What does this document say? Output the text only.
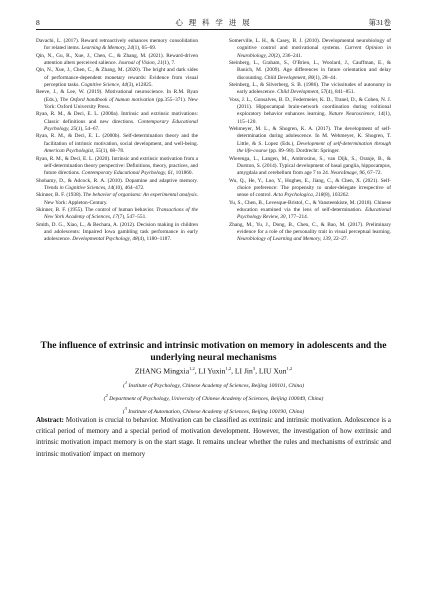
8	心 理 科 学 进 展	第31卷

Davachi, L. (2017). Reward retroactively enhances memory consolidation for related items. Learning & Memory, 24(1), 65–69.

Qin, N., Gu, R., Xue, J., Chen, C., & Zhang, M. (2021). Reward-driven attention alters perceived salience. Journal of Vision, 21(1), 7.

Qin, N., Xue, J., Chen, C., & Zhang, M. (2020). The bright and dark sides of performance-dependent monetary rewards: Evidence from visual perception tasks. Cognitive Science, 44(3), e12825.

Reeve, J., & Lee, W. (2019). Motivational neuroscience. In R.M. Ryan (Eds.), The Oxford handbook of human motivation (pp.355–371). New York: Oxford University Press.

Ryan, R. M., & Deci, E. L. (2000a). Intrinsic and extrinsic motivations: Classic definitions and new directions. Contemporary Educational Psychology, 25(1), 54–67.

Ryan, R. M., & Deci, E. L. (2000b). Self-determination theory and the facilitation of intrinsic motivation, social development, and well-being. American Psychologist, 55(1), 68–78.

Ryan, R. M., & Deci, E. L. (2020). Intrinsic and extrinsic motivation from a self-determination theory perspective: Definitions, theory, practices, and future directions. Contemporary Educational Psychology, 61, 101860.

Shohamy, D., & Adcock, R. A. (2010). Dopamine and adaptive memory. Trends in Cognitive Sciences, 14(10), 464–472.

Skinner, B. F. (1938). The behavior of organisms: An experimental analysis. New York: Appleton-Century.

Skinner, B. F. (1955). The control of human behavior. Transactions of the New York Academy of Sciences, 17(7), 547–551.

Smith, D. G., Xiao, L., & Bechara, A. (2012). Decision making in children and adolescents: Impaired Iowa gambling task performance in early adolescence. Developmental Psychology, 48(4), 1180–1187.

Somerville, L. H., & Casey, B. J. (2010). Developmental neurobiology of cognitive control and motivational systems. Current Opinion in Neurobiology, 20(2), 236–241.

Steinberg, L., Graham, S., O'Brien, L., Woolard, J., Cauffman, E., & Banich, M. (2009). Age differences in future orientation and delay discounting. Child Development, 80(1), 28–44.

Steinberg, L., & Silverberg, S. B. (1986). The vicissitudes of autonomy in early adolescence. Child Development, 57(4), 841–851.

Voss, J. L., Gonsalves, B. D., Federmeier, K. D., Tranel, D., & Cohen, N. J. (2011). Hippocampal brain-network coordination during volitional exploratory behavior enhances learning. Nature Neuroscience, 14(1), 115–120.

Wehmeyer, M. L., & Shogren, K. A. (2017). The development of self-determination during adolescence. In M. Wehmeyer, K. Shogren, T. Little, & S. Lopez (Eds.), Development of self-determination through the life-course (pp. 89–98). Dordrecht: Springer.

Wierenga, L., Langen, M., Ambrosino, S., van Dijk, S., Oranje, B., & Durston, S. (2014). Typical development of basal ganglia, hippocampus, amygdala and cerebellum from age 7 to 24. NeuroImage, 96, 67–72.

Wu, Q., He, Y., Luo, Y., Hughes, E., Jiang, C., & Chen, X. (2021). Self-choice preference: The propensity to under-delegate irrespective of sense of control. Acta Psychologica, 218(8), 103262.

Yu, S., Chen, B., Levesque-Bristol, C., & Vansteenkiste, M. (2018). Chinese education examined via the lens of self-determination. Educational Psychology Review, 30, 177–214.

Zhang, M., Yu, J., Dong, B., Chen, C., & Bao, M. (2017). Preliminary evidence for a role of the personality trait in visual perceptual learning. Neurobiology of Learning and Memory, 139, 22–27.

The influence of extrinsic and intrinsic motivation on memory in adolescents and the underlying neural mechanisms
ZHANG Mingxia$^{1,2}$, LI Yuxin$^{1,2}$, LI Jin$^3$, LIU Xun$^{1,2}$
($^1$ Institute of Psychology, Chinese Academy of Sciences, Beijing 100101, China)
($^2$ Department of Psychology, University of Chinese Academy of Sciences, Beijing 100049, China)
($^3$ Institute of Automation, Chinese Academy of Sciences, Beijing 100190, China)
Abstract: Motivation is crucial to behavior. Motivation can be classified as extrinsic and intrinsic motivation. Adolescence is a critical period of memory and a special period of motivation development. However, the investigation of how extrinsic and intrinsic motivation impact memory is on the start stage. It remains unclear whether the rules and mechanisms of extrinsic and intrinsic motivation' impact on memory
